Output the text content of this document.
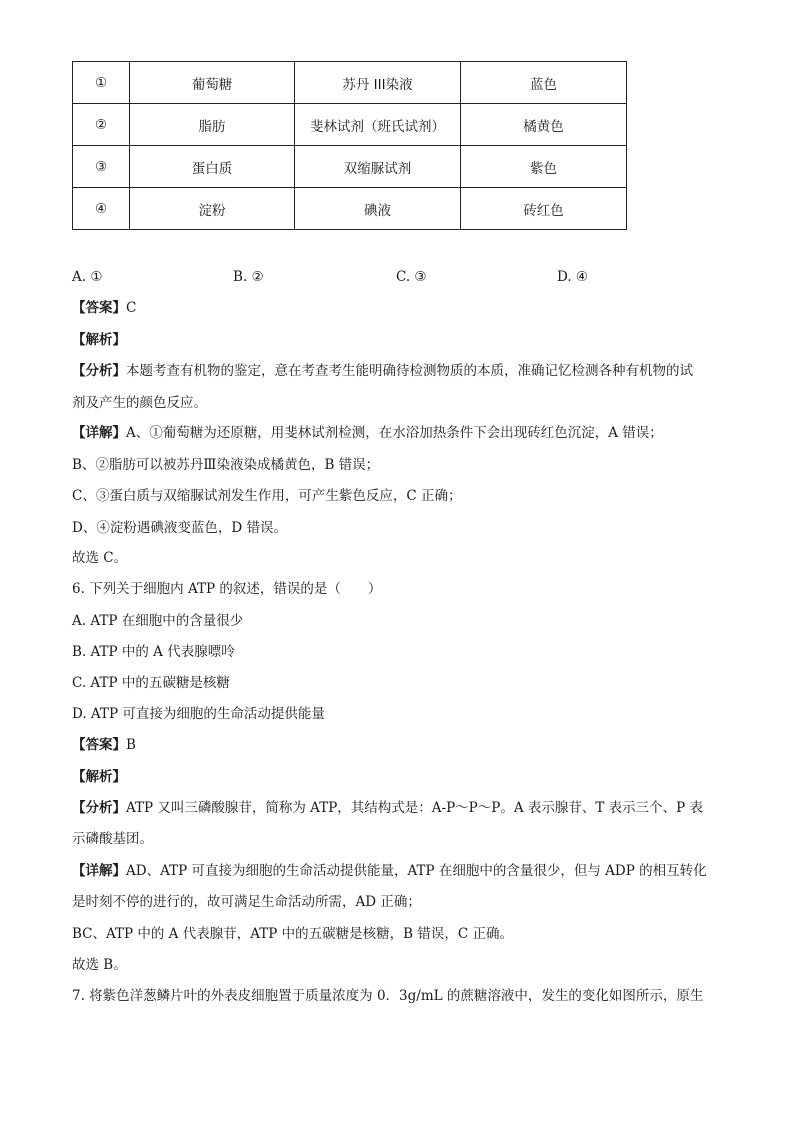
①	葡萄糖	苏丹 III染液	蓝色
②	脂肪	斐林试剂（班氏试剂）	橘黄色
③	蛋白质	双缩脲试剂	紫色
④	淀粉	碘液	砖红色
A. ①	B. ②	C. ③	D. ④
【答案】C
【解析】
【分析】本题考查有机物的鉴定，意在考查考生能明确待检测物质的本质，准确记忆检测各种有机物的试
剂及产生的颜色反应。
【详解】A、①葡萄糖为还原糖，用斐林试剂检测，在水浴加热条件下会出现砖红色沉淀，A 错误；
B、②脂肪可以被苏丹Ⅲ染液染成橘黄色，B 错误；
C、③蛋白质与双缩脲试剂发生作用，可产生紫色反应，C 正确；
D、④淀粉遇碘液变蓝色，D 错误。
故选 C。
6. 下列关于细胞内 ATP 的叙述，错误的是（　　）
A. ATP 在细胞中的含量很少
B. ATP 中的 A 代表腺嘌呤
C. ATP 中的五碳糖是核糖
D. ATP 可直接为细胞的生命活动提供能量
【答案】B
【解析】
【分析】ATP 又叫三磷酸腺苷，简称为 ATP，其结构式是：A-P～P～P。A 表示腺苷、T 表示三个、P 表
示磷酸基团。
【详解】AD、ATP 可直接为细胞的生命活动提供能量，ATP 在细胞中的含量很少，但与 ADP 的相互转化
是时刻不停的进行的，故可满足生命活动所需，AD 正确；
BC、ATP 中的 A 代表腺苷，ATP 中的五碳糖是核糖，B 错误，C 正确。
故选 B。
7. 将紫色洋葱鳞片叶的外表皮细胞置于质量浓度为 0．3g/mL 的蔗糖溶液中，发生的变化如图所示，原生
